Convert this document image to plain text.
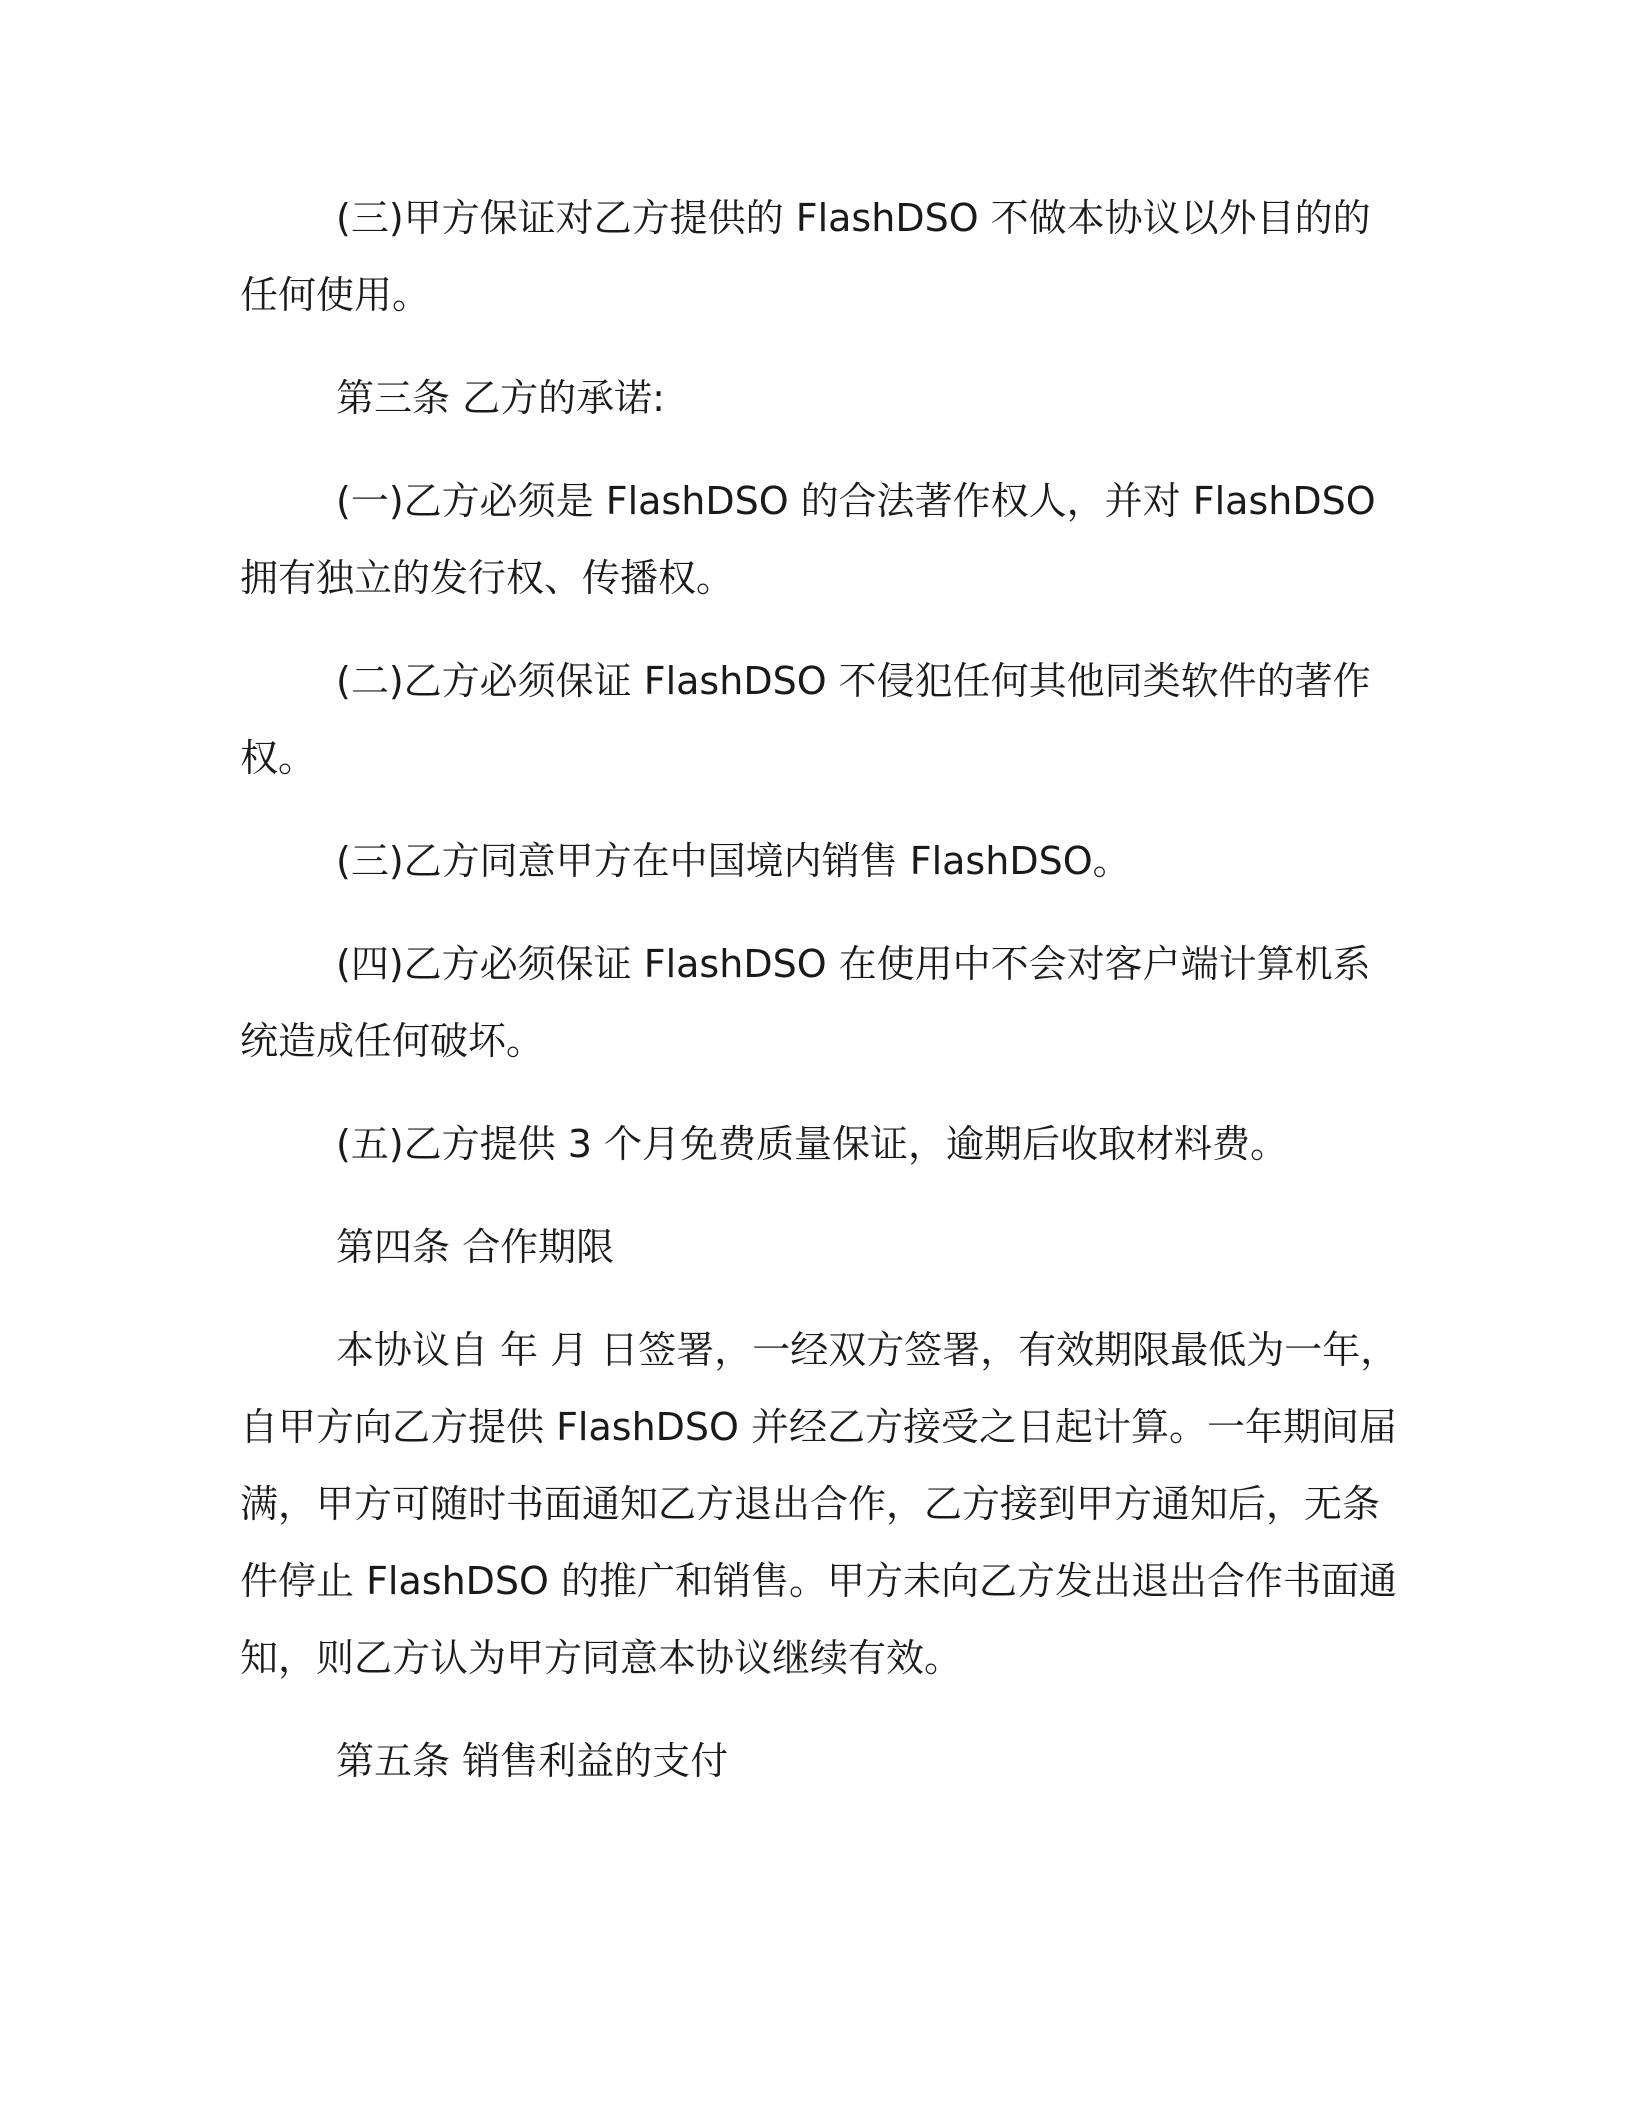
(三)甲方保证对乙方提供的 FlashDSO 不做本协议以外目的的任何使用。

第三条 乙方的承诺:

(一)乙方必须是 FlashDSO 的合法著作权人，并对 FlashDSO 拥有独立的发行权、传播权。

(二)乙方必须保证 FlashDSO 不侵犯任何其他同类软件的著作权。

(三)乙方同意甲方在中国境内销售 FlashDSO。

(四)乙方必须保证 FlashDSO 在使用中不会对客户端计算机系统造成任何破坏。

(五)乙方提供 3 个月免费质量保证，逾期后收取材料费。

第四条 合作期限

本协议自 年 月 日签署，一经双方签署，有效期限最低为一年，自甲方向乙方提供 FlashDSO 并经乙方接受之日起计算。一年期间届满，甲方可随时书面通知乙方退出合作，乙方接到甲方通知后，无条件停止 FlashDSO 的推广和销售。甲方未向乙方发出退出合作书面通知，则乙方认为甲方同意本协议继续有效。

第五条 销售利益的支付
